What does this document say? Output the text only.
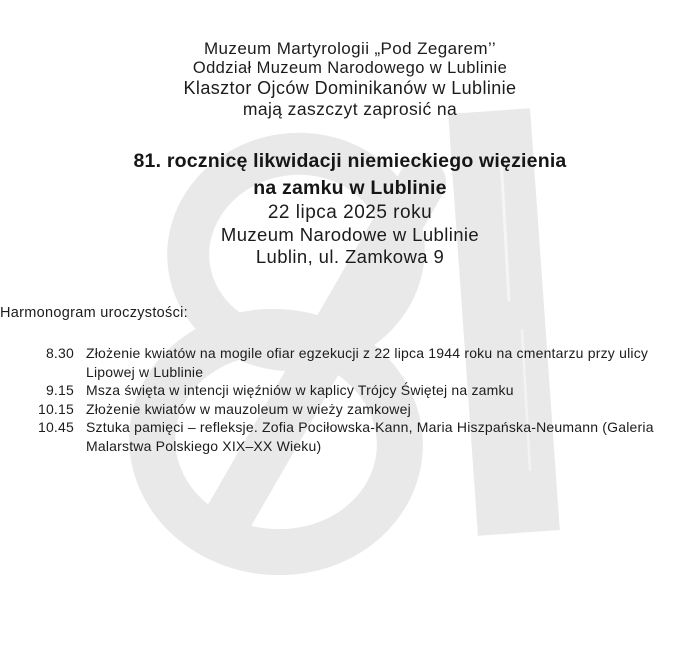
Muzeum Martyrologii „Pod Zegarem’’

Oddział Muzeum Narodowego w Lublinie

Klasztor Ojców Dominikanów w Lublinie

mają zaszczyt zaprosić na

81. rocznicę likwidacji niemieckiego więzienia
na zamku w Lublinie

22 lipca 2025 roku

Muzeum Narodowe w Lublinie

Lublin, ul. Zamkowa 9

Harmonogram uroczystości:

8.30 Złożenie kwiatów na mogile ofiar egzekucji z 22 lipca 1944 roku na cmentarzu przy ulicy Lipowej w Lublinie
9.15 Msza święta w intencji więźniów w kaplicy Trójcy Świętej na zamku
10.15 Złożenie kwiatów w mauzoleum w wieży zamkowej
10.45 Sztuka pamięci – refleksje. Zofia Pociłowska-Kann, Maria Hiszpańska-Neumann (Galeria Malarstwa Polskiego XIX–XX Wieku)
